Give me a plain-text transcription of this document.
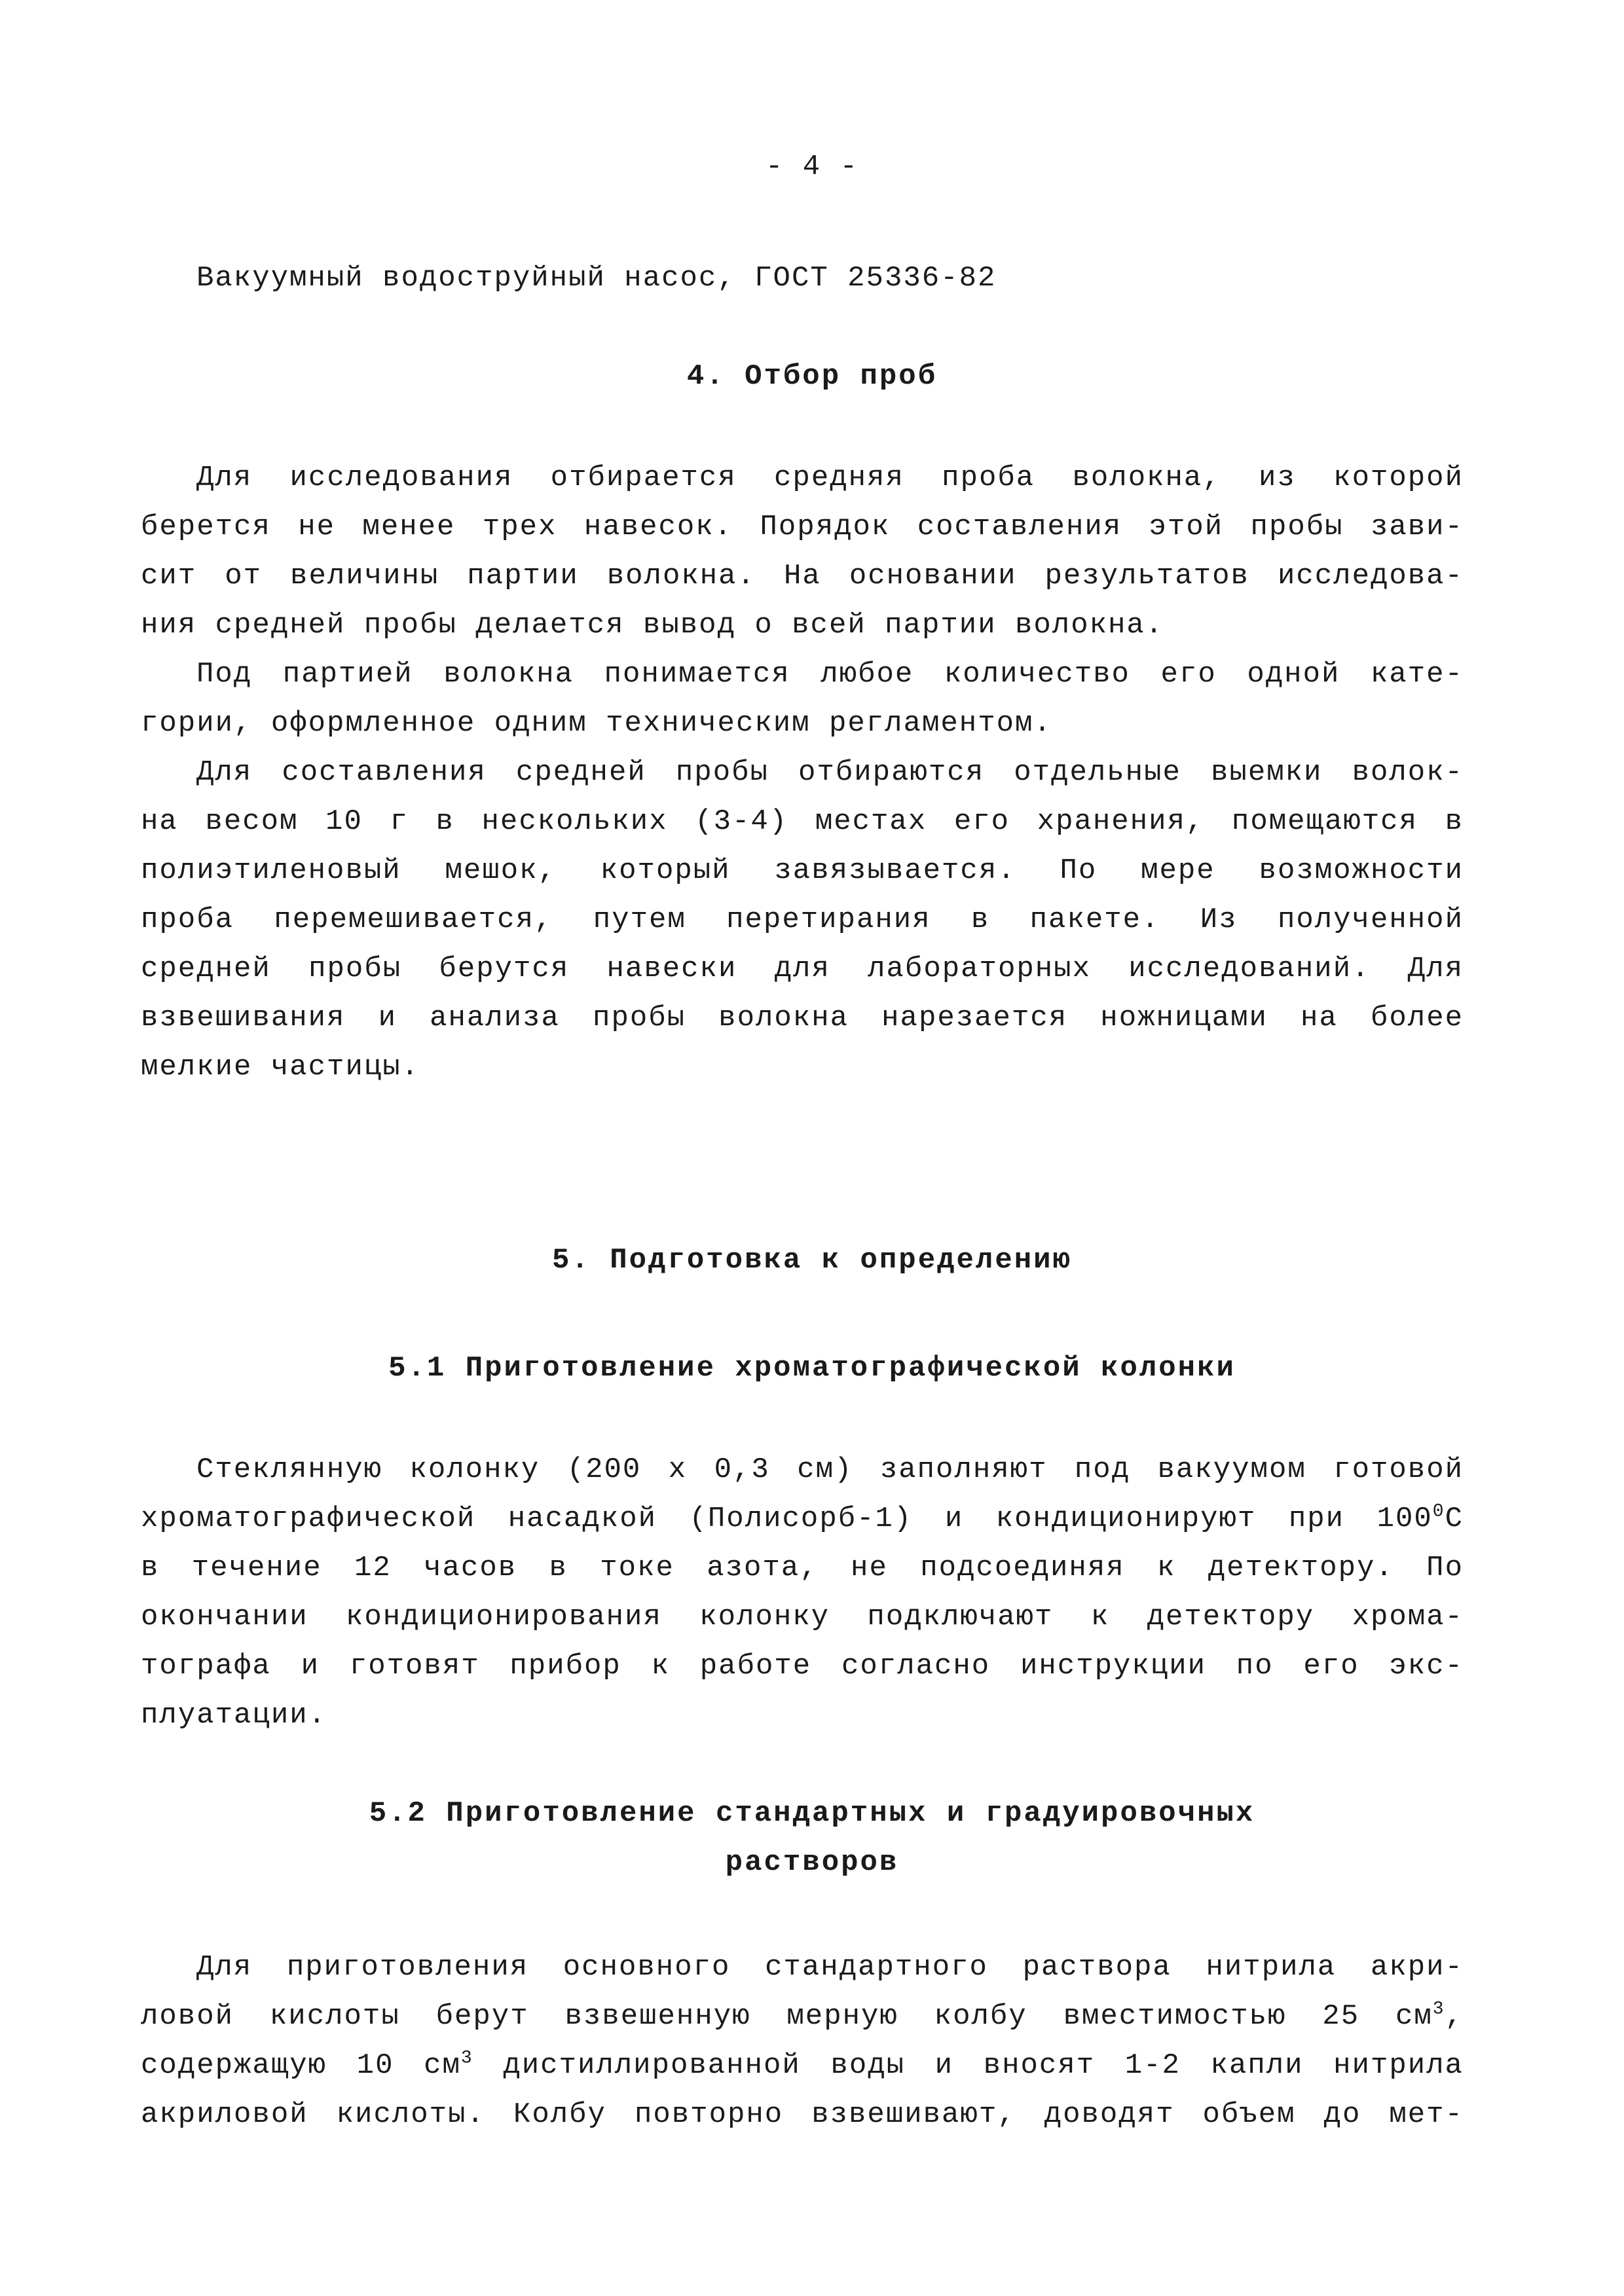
- 4 -
Вакуумный водоструйный насос, ГОСТ 25336-82
4. Отбор проб
Для исследования отбирается средняя проба волокна, из которой
берется не менее трех навесок. Порядок составления этой пробы зави-
сит от величины партии волокна. На основании результатов исследова-
ния средней пробы делается вывод о всей партии волокна.
Под партией волокна понимается любое количество его одной кате-
гории, оформленное одним техническим регламентом.
Для составления средней пробы отбираются отдельные выемки волок-
на весом 10 г в нескольких (3-4) местах его хранения, помещаются в
полиэтиленовый мешок, который завязывается. По мере возможности
проба перемешивается, путем перетирания в пакете. Из полученной
средней пробы берутся навески для лабораторных исследований. Для
взвешивания и анализа пробы волокна нарезается ножницами на более
мелкие частицы.
5. Подготовка к определению
5.1 Приготовление хроматографической колонки
Стеклянную колонку (200 х 0,3 см) заполняют под вакуумом готовой
хроматографической насадкой (Полисорб-1) и кондиционируют при $100^0С$
в течение 12 часов в токе азота, не подсоединяя к детектору. По
окончании кондиционирования колонку подключают к детектору хрома-
тографа и готовят прибор к работе согласно инструкции по его экс-
плуатации.
5.2 Приготовление стандартных и градуировочных
растворов
Для приготовления основного стандартного раствора нитрила акри-
ловой кислоты берут взвешенную мерную колбу вместимостью 25 $см^3$,
содержащую 10 $см^3$ дистиллированной воды и вносят 1-2 капли нитрила
акриловой кислоты. Колбу повторно взвешивают, доводят объем до мет-
